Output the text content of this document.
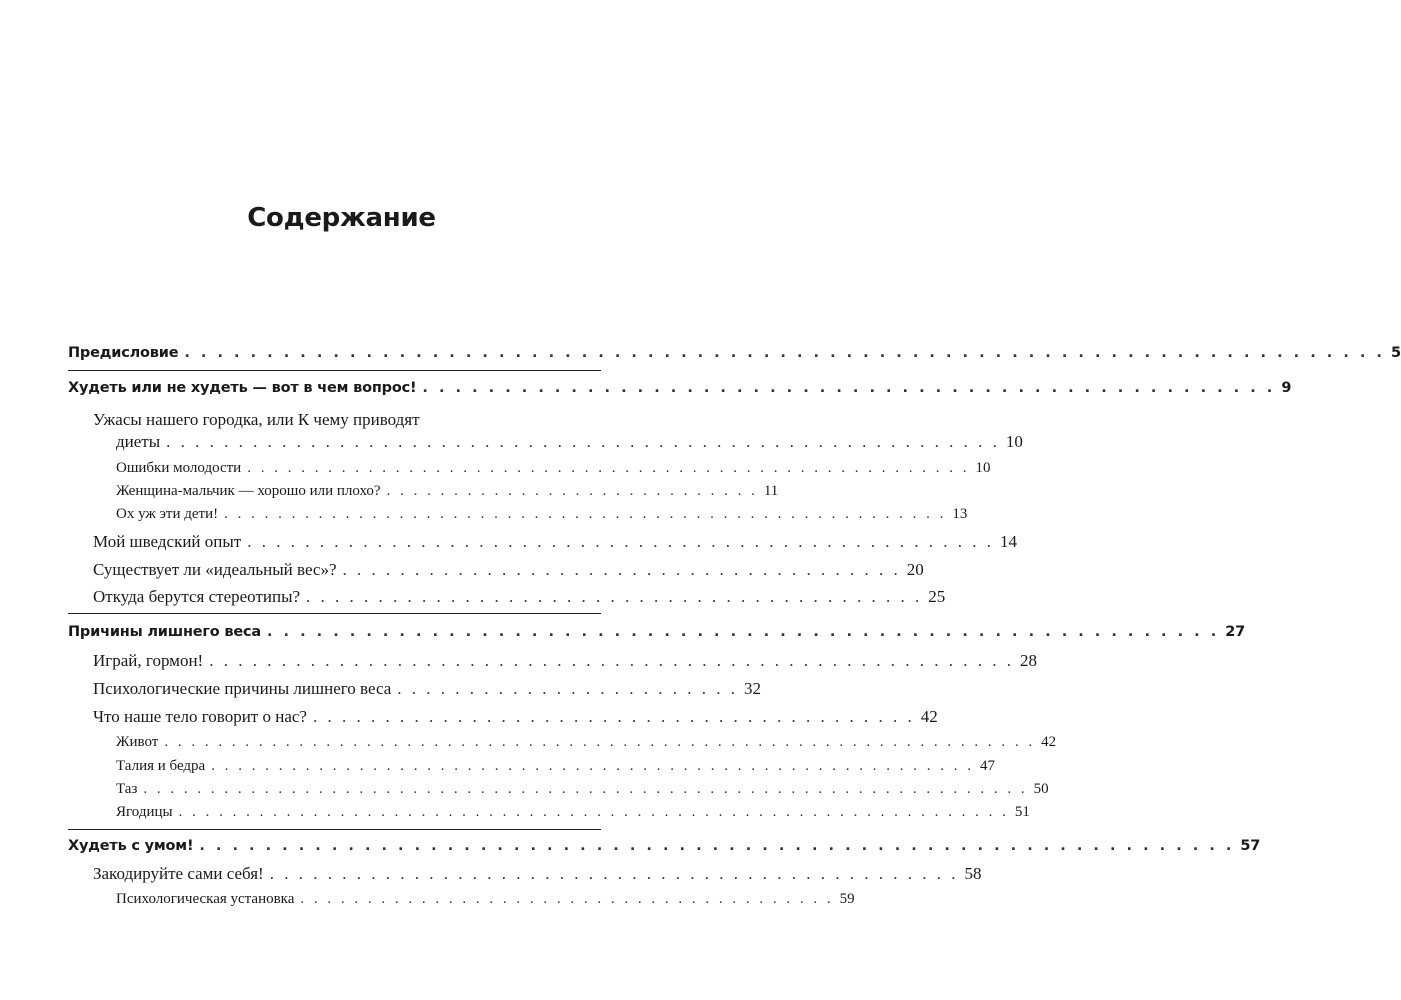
Содержание
Предисловие . . . . . . . . . . . . . . . . . . . . . . . . . . . . . . . . . . . . . . . . . . . . . . . . . . . . . . . . . . . . . . . . . . . . . . . . . 5
Худеть или не худеть — вот в чем вопрос! . . . . . . . . . . . . . . . . . . . . . . . . . . . . . . . . . . . . . . . . . . . . . . . . . . . . 9
Ужасы нашего городка, или К чему приводят
диеты . . . . . . . . . . . . . . . . . . . . . . . . . . . . . . . . . . . . . . . . . . . . . . . . . . . . . . . . . . 10
Ошибки молодости . . . . . . . . . . . . . . . . . . . . . . . . . . . . . . . . . . . . . . . . . . . . . . . . . . . . . . 10
Женщина-мальчик — хорошо или плохо? . . . . . . . . . . . . . . . . . . . . . . . . . . . . 11
Ох уж эти дети! . . . . . . . . . . . . . . . . . . . . . . . . . . . . . . . . . . . . . . . . . . . . . . . . . . . . . . 13
Мой шведский опыт . . . . . . . . . . . . . . . . . . . . . . . . . . . . . . . . . . . . . . . . . . . . . . . . . . . . 14
Существует ли «идеальный вес»? . . . . . . . . . . . . . . . . . . . . . . . . . . . . . . . . . . . . . . . 20
Откуда берутся стереотипы? . . . . . . . . . . . . . . . . . . . . . . . . . . . . . . . . . . . . . . . . . . . 25
Причины лишнего веса . . . . . . . . . . . . . . . . . . . . . . . . . . . . . . . . . . . . . . . . . . . . . . . . . . . . . . . . . . 27
Играй, гормон! . . . . . . . . . . . . . . . . . . . . . . . . . . . . . . . . . . . . . . . . . . . . . . . . . . . . . . . . 28
Психологические причины лишнего веса . . . . . . . . . . . . . . . . . . . . . . . . 32
Что наше тело говорит о нас? . . . . . . . . . . . . . . . . . . . . . . . . . . . . . . . . . . . . . . . . . . 42
Живот . . . . . . . . . . . . . . . . . . . . . . . . . . . . . . . . . . . . . . . . . . . . . . . . . . . . . . . . . . . . . . . . . 42
Талия и бедра . . . . . . . . . . . . . . . . . . . . . . . . . . . . . . . . . . . . . . . . . . . . . . . . . . . . . . . . . 47
Таз . . . . . . . . . . . . . . . . . . . . . . . . . . . . . . . . . . . . . . . . . . . . . . . . . . . . . . . . . . . . . . . . . . 50
Ягодицы . . . . . . . . . . . . . . . . . . . . . . . . . . . . . . . . . . . . . . . . . . . . . . . . . . . . . . . . . . . . . . 51
Худеть с умом! . . . . . . . . . . . . . . . . . . . . . . . . . . . . . . . . . . . . . . . . . . . . . . . . . . . . . . . . . . . . . . . 57
Закодируйте сами себя! . . . . . . . . . . . . . . . . . . . . . . . . . . . . . . . . . . . . . . . . . . . . . . . . 58
Психологическая установка . . . . . . . . . . . . . . . . . . . . . . . . . . . . . . . . . . . . . . . . 59
